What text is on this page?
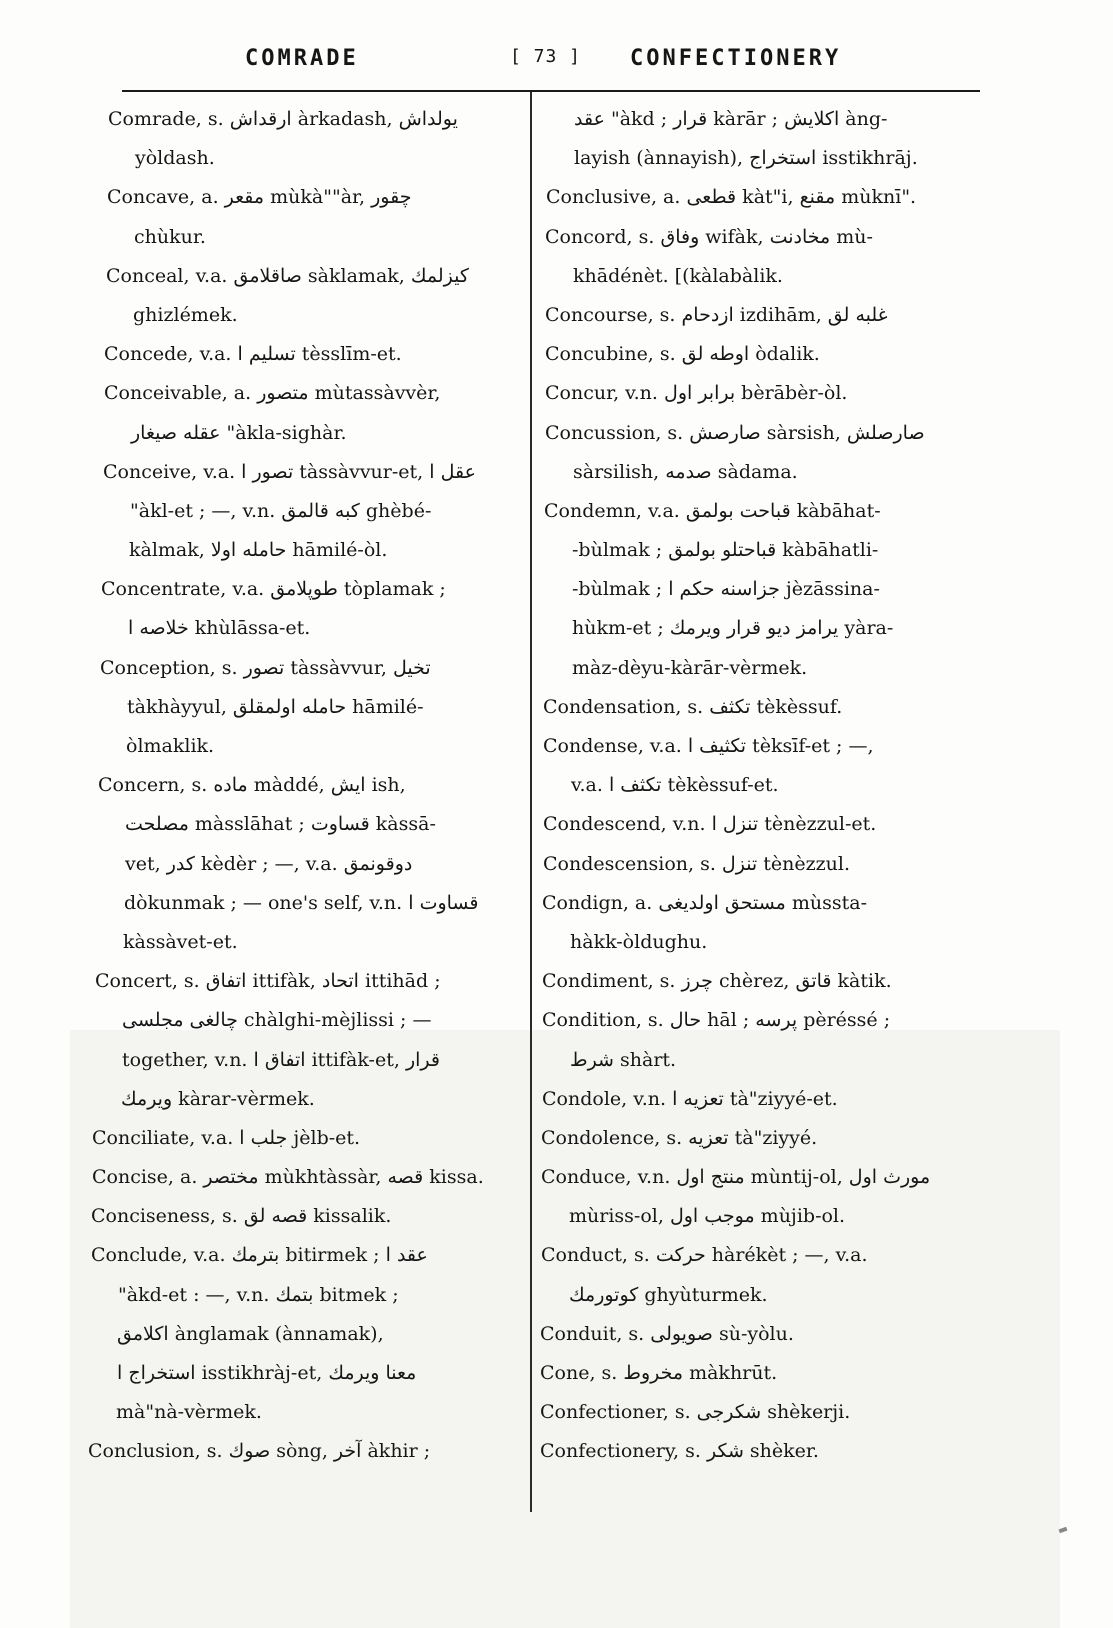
COMRADE	[ 73 ] CONFECTIONERY
Comrade, s. ارقداش àrkadash, يولداش
yòldash.
Concave, a. مقعر mùkà""àr, چقور
chùkur.
Conceal, v.a. صاقلامق sàklamak, كيزلمك
ghizlémek.
Concede, v.a. تسليم ا tèsslīm-et.
Conceivable, a. متصور mùtassàvvèr,
عقله صيغار "àkla-sighàr.
Conceive, v.a. تصور ا tàssàvvur-et, عقل ا
"àkl-et ; —, v.n. كبه قالمق ghèbé-
kàlmak, حامله اولا hāmilé-òl.
Concentrate, v.a. طوپلامق tòplamak ;
خلاصه ا khùlāssa-et.
Conception, s. تصور tàssàvvur, تخيل
tàkhàyyul, حامله اولمقلق hāmilé-
òlmaklik.
Concern, s. ماده màddé, ايش ish,
مصلحت màsslāhat ; قساوت kàssā-
vet, كدر kèdèr ; —, v.a. دوقونمق
dòkunmak ; — one's self, v.n. قساوت ا
kàssàvet-et.
Concert, s. اتفاق ittifàk, اتحاد ittihād ;
چالغی مجلسی chàlghi-mèjlissi ; —
together, v.n. اتفاق ا ittifàk-et, قرار
ويرمك kàrar-vèrmek.
Conciliate, v.a. جلب ا jèlb-et.
Concise, a. مختصر mùkhtàssàr, قصه kissa.
Conciseness, s. قصه لق kissalik.
Conclude, v.a. بترمك bitirmek ; عقد ا
"àkd-et : —, v.n. بتمك bitmek ;
اكلامق ànglamak (ànnamak),
استخراج ا isstikhràj-et, معنا ويرمك
mà"nà-vèrmek.
Conclusion, s. صوك sòng, آخر àkhir ;
عقد "àkd ; قرار kàrār ; اكلايش àng-
layish (ànnayish), استخراج isstikhrāj.
Conclusive, a. قطعی kàt"i, مقنع mùknī".
Concord, s. وفاق wifàk, مخادنت mù-
khādénèt. [(kàlabàlik.
Concourse, s. ازدحام izdihām, غلبه لق
Concubine, s. اوطه لق òdalik.
Concur, v.n. برابر اول bèrābèr-òl.
Concussion, s. صارصش sàrsish, صارصلش
sàrsilish, صدمه sàdama.
Condemn, v.a. قباحت بولمق kàbāhat-
-bùlmak ; قباحتلو بولمق kàbāhatli-
-bùlmak ; جزاسنه حكم ا jèzāssina-
hùkm-et ; يرامز ديو قرار ويرمك yàra-
màz-dèyu-kàrār-vèrmek.
Condensation, s. تكثف tèkèssuf.
Condense, v.a. تكثيف ا tèksīf-et ; —,
v.a. تكثف ا tèkèssuf-et.
Condescend, v.n. تنزل ا tènèzzul-et.
Condescension, s. تنزل tènèzzul.
Condign, a. مستحق اولديغی mùssta-
hàkk-òldughu.
Condiment, s. چرز chèrez, قاتق kàtik.
Condition, s. حال hāl ; پرسه pèréssé ;
شرط shàrt.
Condole, v.n. تعزيه ا tà"ziyyé-et.
Condolence, s. تعزيه tà"ziyyé.
Conduce, v.n. منتج اول mùntij-ol, مورث اول
mùriss-ol, موجب اول mùjib-ol.
Conduct, s. حركت hàrékèt ; —, v.a.
كوتورمك ghyùturmek.
Conduit, s. صويولی sù-yòlu.
Cone, s. مخروط màkhrūt.
Confectioner, s. شكرجی shèkerji.
Confectionery, s. شكر shèker.
